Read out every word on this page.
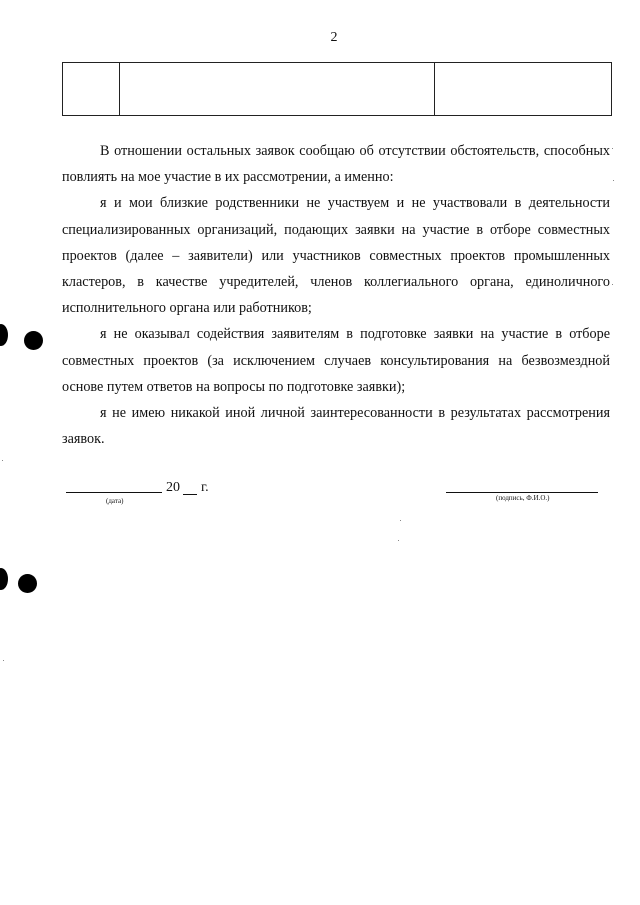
2

В отношении остальных заявок сообщаю об отсутствии обстоятельств, способных повлиять на мое участие в их рассмотрении, а именно:

я и мои близкие родственники не участвуем и не участвовали в деятельности специализированных организаций, подающих заявки на участие в отборе совместных проектов (далее – заявители) или участников совместных проектов промышленных кластеров, в качестве учредителей, членов коллегиального органа, единоличного исполнительного органа или работников;

я не оказывал содействия заявителям в подготовке заявки на участие в отборе совместных проектов (за исключением случаев консультирования на безвозмездной основе путем ответов на вопросы по подготовке заявки);

я не имею никакой иной личной заинтересованности в результатах рассмотрения заявок.

20 г.
(дата)	(подпись, Ф.И.О.)
